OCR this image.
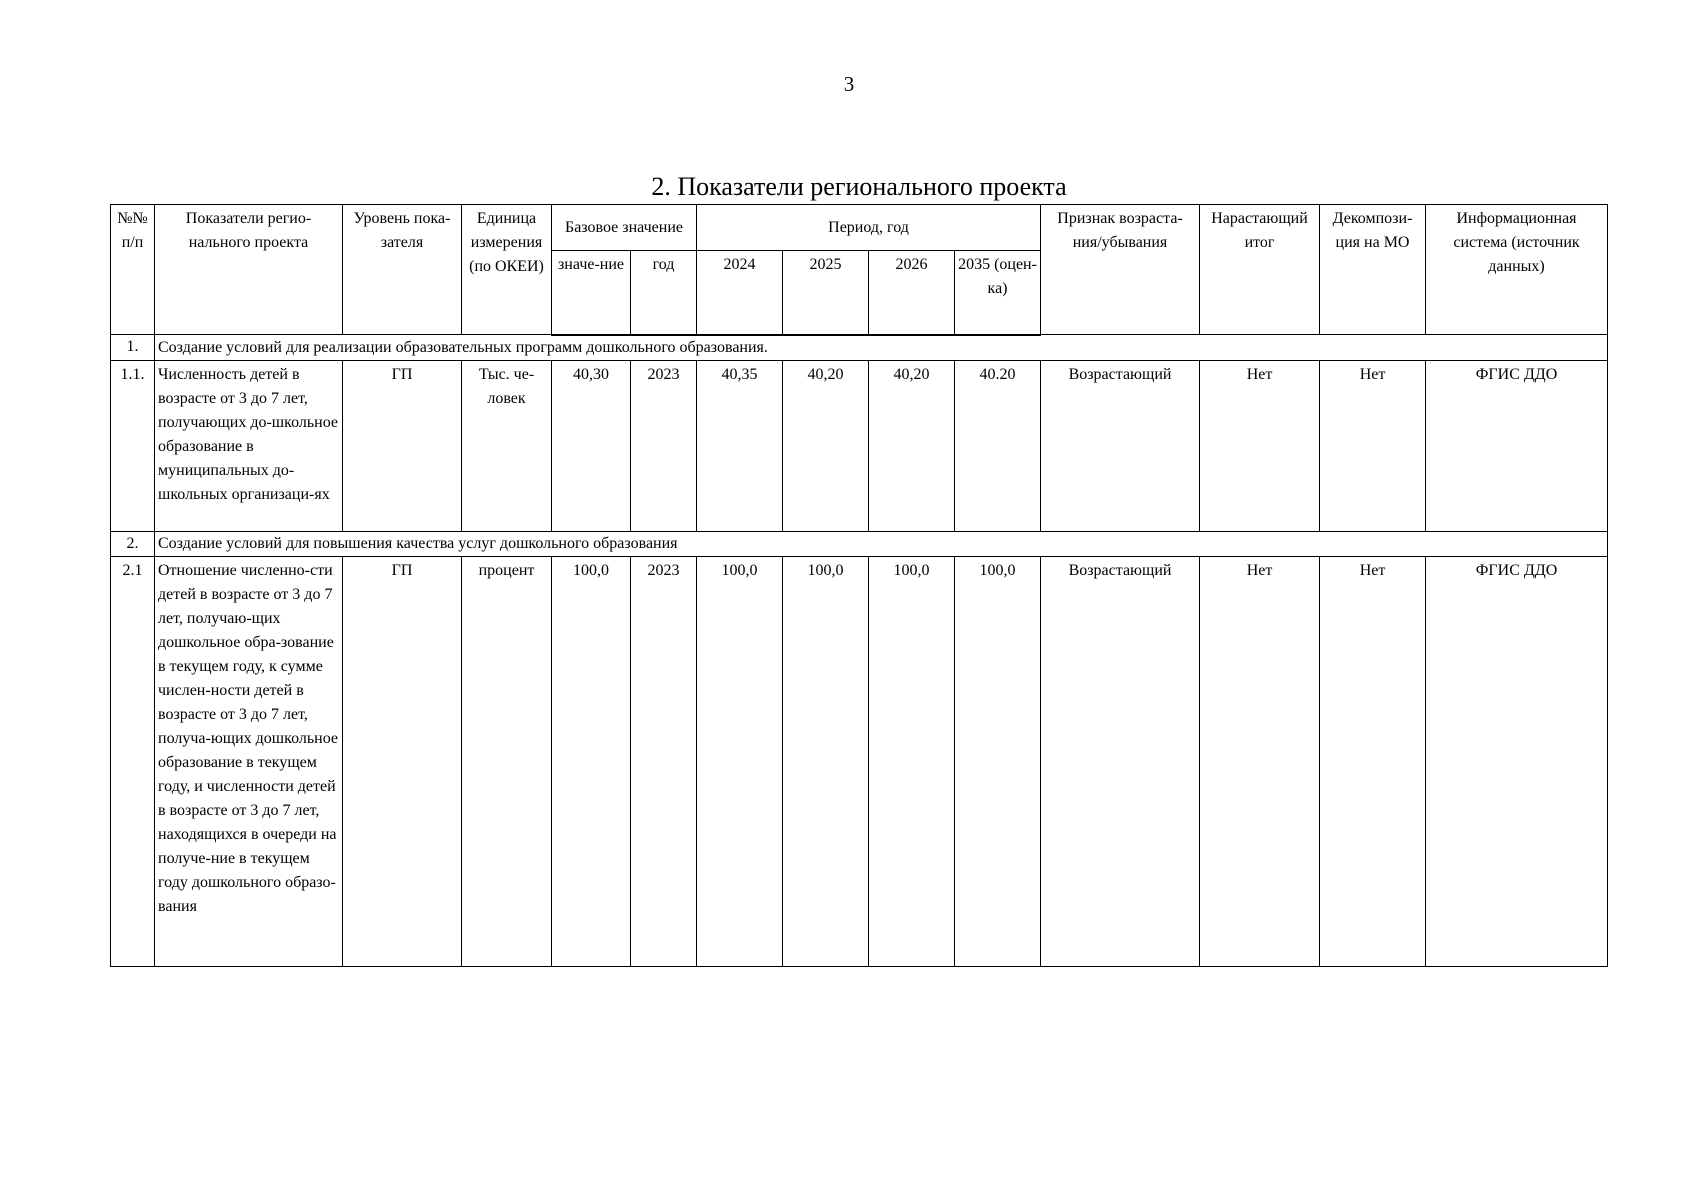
3
2. Показатели регионального проекта
№№ п/п	Показатели регио-нального проекта	Уровень пока-зателя	Единица измерения (по ОКЕИ)	Базовое значение		Период, год				Признак возраста-ния/убывания	Нарастающий итог	Декомпози-ция на МО	Информационная система (источник данных)
				значе-ние	год	2024	2025	2026	2035 (оцен-ка)				
1.	Создание условий для реализации образовательных программ дошкольного образования.												
1.1.	Численность детей в возрасте от 3 до 7 лет, получающих до-школьное образование в муниципальных до-школьных организаци-ях	ГП	Тыс. че-ловек	40,30	2023	40,35	40,20	40,20	40.20	Возрастающий	Нет	Нет	ФГИС ДДО
2.	Создание условий для повышения качества услуг дошкольного образования												
2.1	Отношение численно-сти детей в возрасте от 3 до 7 лет, получаю-щих дошкольное обра-зование в текущем году, к сумме числен-ности детей в возрасте от 3 до 7 лет, получа-ющих дошкольное образование в текущем году, и численности детей в возрасте от 3 до 7 лет, находящихся в очереди на получе-ние в текущем году дошкольного образо-вания	ГП	процент	100,0	2023	100,0	100,0	100,0	100,0	Возрастающий	Нет	Нет	ФГИС ДДО
